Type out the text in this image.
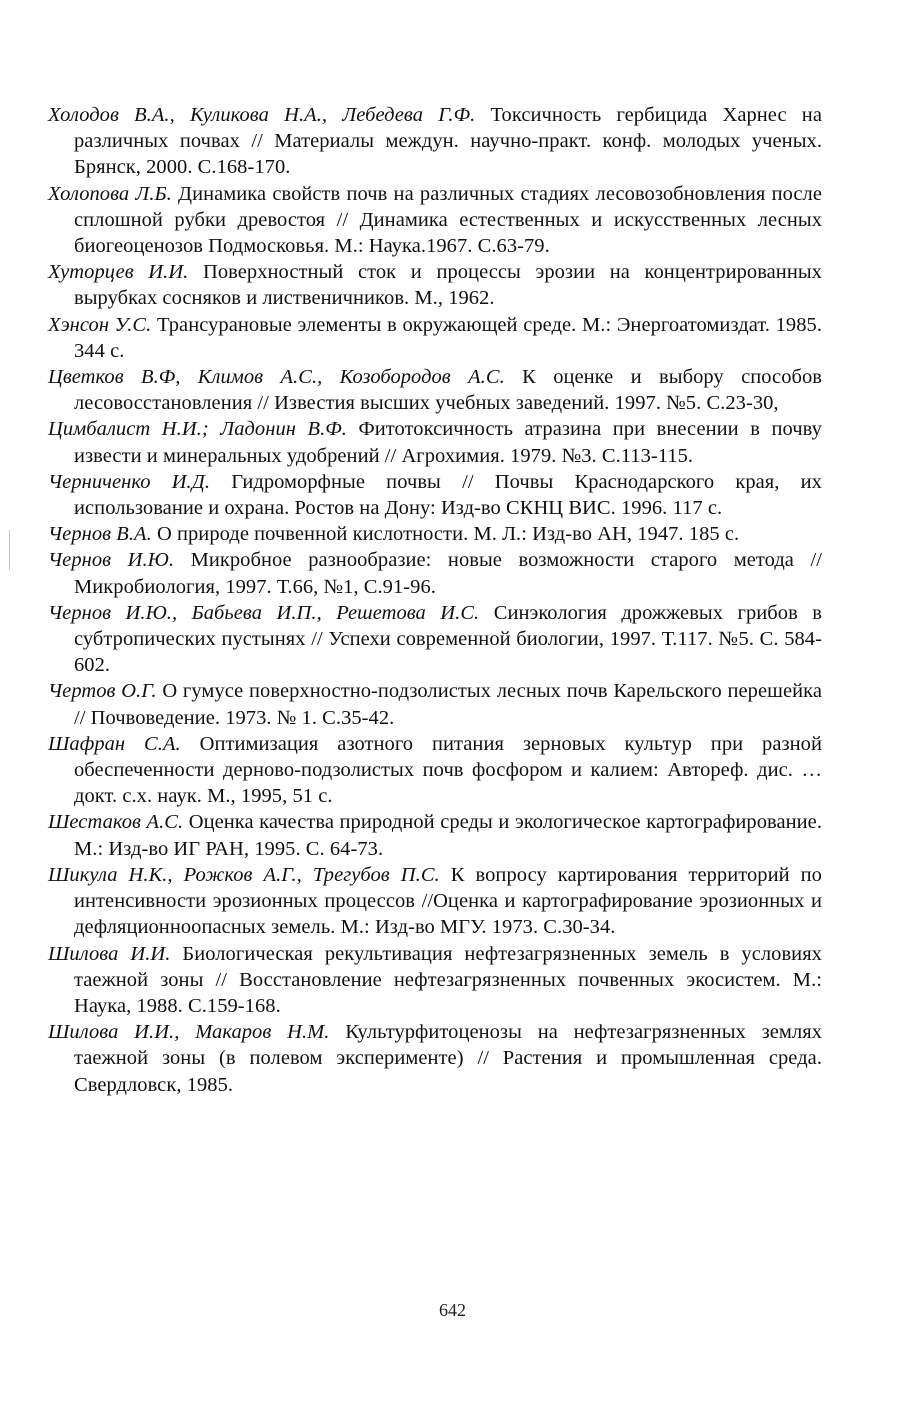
Холодов В.А., Куликова Н.А., Лебедева Г.Ф. Токсичность гербицида Харнес на различных почвах // Материалы междун. научно-практ. конф. молодых ученых. Брянск, 2000. С.168-170.

Холопова Л.Б. Динамика свойств почв на различных стадиях лесовозобновления после сплошной рубки древостоя // Динамика естественных и искусственных лесных биогеоценозов Подмосковья. М.: Наука.1967. С.63-79.

Хуторцев И.И. Поверхностный сток и процессы эрозии на концентрированных вырубках сосняков и лиственичников. М., 1962.

Хэнсон У.С. Трансурановые элементы в окружающей среде. М.: Энергоатомиздат. 1985. 344 с.

Цветков В.Ф, Климов А.С., Козобородов А.С. К оценке и выбору способов лесовосстановления // Известия высших учебных заведений. 1997. №5. С.23-30,

Цимбалист Н.И.; Ладонин В.Ф. Фитотоксичность атразина при внесении в почву извести и минеральных удобрений // Агрохимия. 1979. №3. С.113-115.

Черниченко И.Д. Гидроморфные почвы // Почвы Краснодарского края, их использование и охрана. Ростов на Дону: Изд-во СКНЦ ВИС. 1996. 117 с.

Чернов В.А. О природе почвенной кислотности. М. Л.: Изд-во АН, 1947. 185 с.

Чернов И.Ю. Микробное разнообразие: новые возможности старого метода // Микробиология, 1997. Т.66, №1, С.91-96.

Чернов И.Ю., Бабьева И.П., Решетова И.С. Синэкология дрожжевых грибов в субтропических пустынях // Успехи современной биологии, 1997. Т.117. №5. С. 584-602.

Чертов О.Г. О гумусе поверхностно-подзолистых лесных почв Карельского перешейка // Почвоведение. 1973. № 1. С.35-42.

Шафран С.А. Оптимизация азотного питания зерновых культур при разной обеспеченности дерново-подзолистых почв фосфором и калием: Автореф. дис. … докт. с.х. наук. М., 1995, 51 с.

Шестаков А.С. Оценка качества природной среды и экологическое картографирование. М.: Изд-во ИГ РАН, 1995. С. 64-73.

Шикула Н.К., Рожков А.Г., Трегубов П.С. К вопросу картирования территорий по интенсивности эрозионных процессов //Оценка и картографирование эрозионных и дефляционноопасных земель. М.: Изд-во МГУ. 1973. С.30-34.

Шилова И.И. Биологическая рекультивация нефтезагрязненных земель в условиях таежной зоны // Восстановление нефтезагрязненных почвенных экосистем. М.: Наука, 1988. С.159-168.

Шилова И.И., Макаров Н.М. Культурфитоценозы на нефтезагрязненных землях таежной зоны (в полевом эксперименте) // Растения и промышленная среда. Свердловск, 1985.

642
